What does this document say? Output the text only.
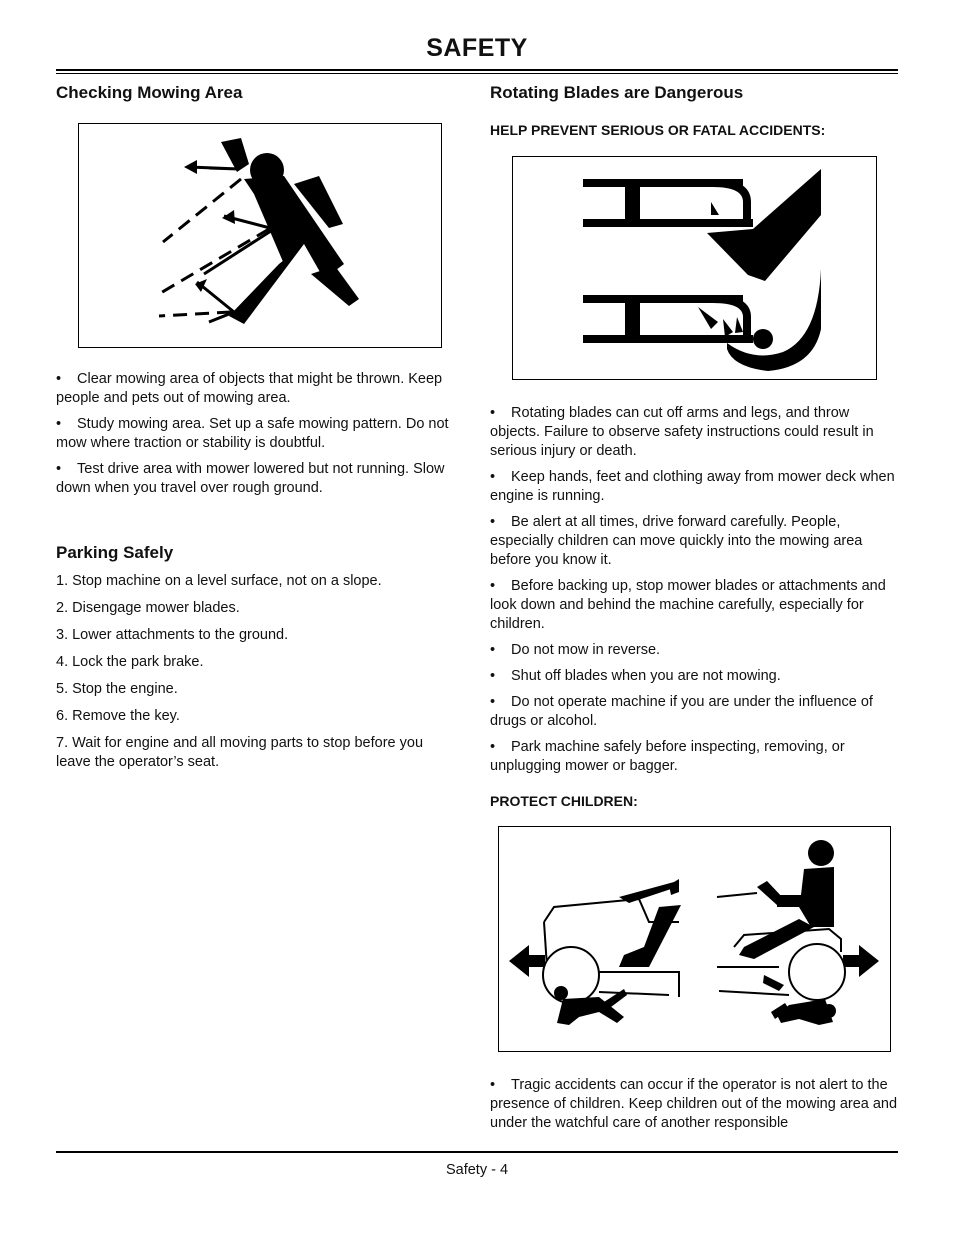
SAFETY
Checking Mowing Area

• Clear mowing area of objects that might be thrown. Keep people and pets out of mowing area.

• Study mowing area. Set up a safe mowing pattern. Do not mow where traction or stability is doubtful.

• Test drive area with mower lowered but not running. Slow down when you travel over rough ground.

Parking Safely

1. Stop machine on a level surface, not on a slope.

2. Disengage mower blades.

3. Lower attachments to the ground.

4. Lock the park brake.

5. Stop the engine.

6. Remove the key.

7. Wait for engine and all moving parts to stop before you leave the operator’s seat.

Rotating Blades are Dangerous
HELP PREVENT SERIOUS OR FATAL ACCIDENTS:

• Rotating blades can cut off arms and legs, and throw objects. Failure to observe safety instructions could result in serious injury or death.

• Keep hands, feet and clothing away from mower deck when engine is running.

• Be alert at all times, drive forward carefully. People, especially children can move quickly into the mowing area before you know it.

• Before backing up, stop mower blades or attachments and look down and behind the machine carefully, especially for children.

• Do not mow in reverse.

• Shut off blades when you are not mowing.

• Do not operate machine if you are under the influence of drugs or alcohol.

• Park machine safely before inspecting, removing, or unplugging mower or bagger.

PROTECT CHILDREN:

• Tragic accidents can occur if the operator is not alert to the presence of children. Keep children out of the mowing area and under the watchful care of another responsible

Safety - 4
